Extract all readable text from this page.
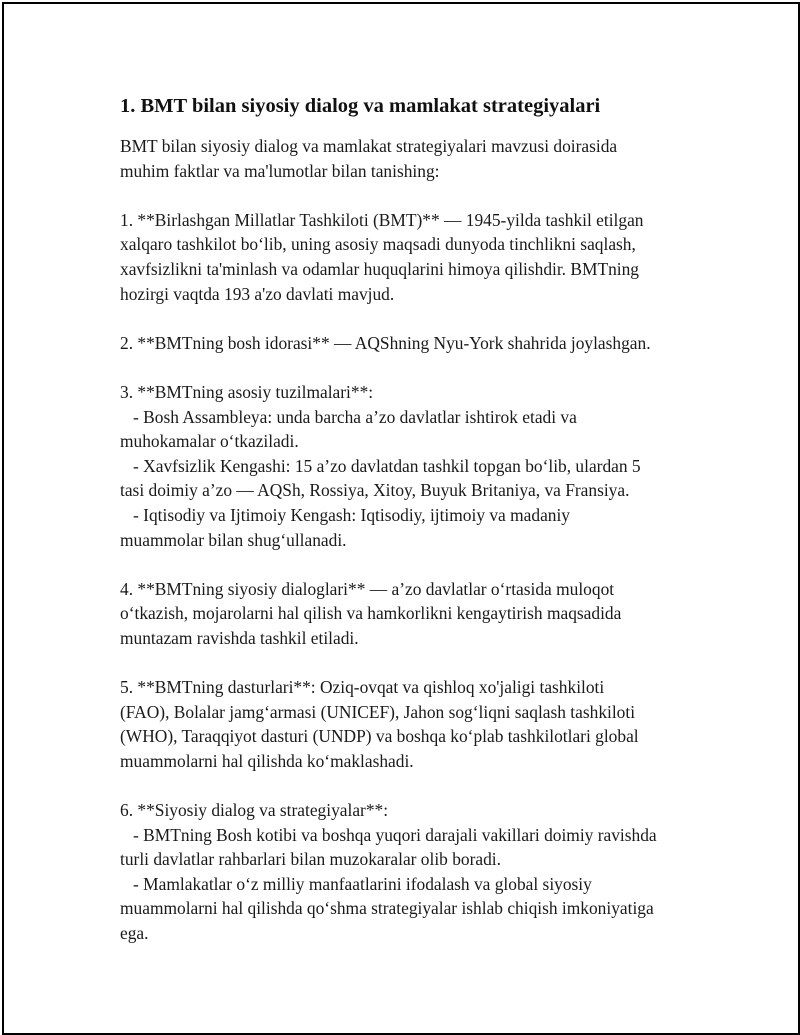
1. BMT bilan siyosiy dialog va mamlakat strategiyalari
BMT bilan siyosiy dialog va mamlakat strategiyalari mavzusi doirasida
muhim faktlar va ma'lumotlar bilan tanishing:
1. **Birlashgan Millatlar Tashkiloti (BMT)** — 1945-yilda tashkil etilgan
xalqaro tashkilot bo‘lib, uning asosiy maqsadi dunyoda tinchlikni saqlash,
xavfsizlikni ta'minlash va odamlar huquqlarini himoya qilishdir. BMTning
hozirgi vaqtda 193 a'zo davlati mavjud.
2. **BMTning bosh idorasi** — AQShning Nyu-York shahrida joylashgan.
3. **BMTning asosiy tuzilmalari**:
- Bosh Assambleya: unda barcha a’zo davlatlar ishtirok etadi va
muhokamalar o‘tkaziladi.
- Xavfsizlik Kengashi: 15 a’zo davlatdan tashkil topgan bo‘lib, ulardan 5
tasi doimiy a’zo — AQSh, Rossiya, Xitoy, Buyuk Britaniya, va Fransiya.
- Iqtisodiy va Ijtimoiy Kengash: Iqtisodiy, ijtimoiy va madaniy
muammolar bilan shug‘ullanadi.
4. **BMTning siyosiy dialoglari** — a’zo davlatlar o‘rtasida muloqot
o‘tkazish, mojarolarni hal qilish va hamkorlikni kengaytirish maqsadida
muntazam ravishda tashkil etiladi.
5. **BMTning dasturlari**: Oziq-ovqat va qishloq xo'jaligi tashkiloti
(FAO), Bolalar jamg‘armasi (UNICEF), Jahon sog‘liqni saqlash tashkiloti
(WHO), Taraqqiyot dasturi (UNDP) va boshqa ko‘plab tashkilotlari global
muammolarni hal qilishda ko‘maklashadi.
6. **Siyosiy dialog va strategiyalar**:
- BMTning Bosh kotibi va boshqa yuqori darajali vakillari doimiy ravishda
turli davlatlar rahbarlari bilan muzokaralar olib boradi.
- Mamlakatlar o‘z milliy manfaatlarini ifodalash va global siyosiy
muammolarni hal qilishda qo‘shma strategiyalar ishlab chiqish imkoniyatiga
ega.
